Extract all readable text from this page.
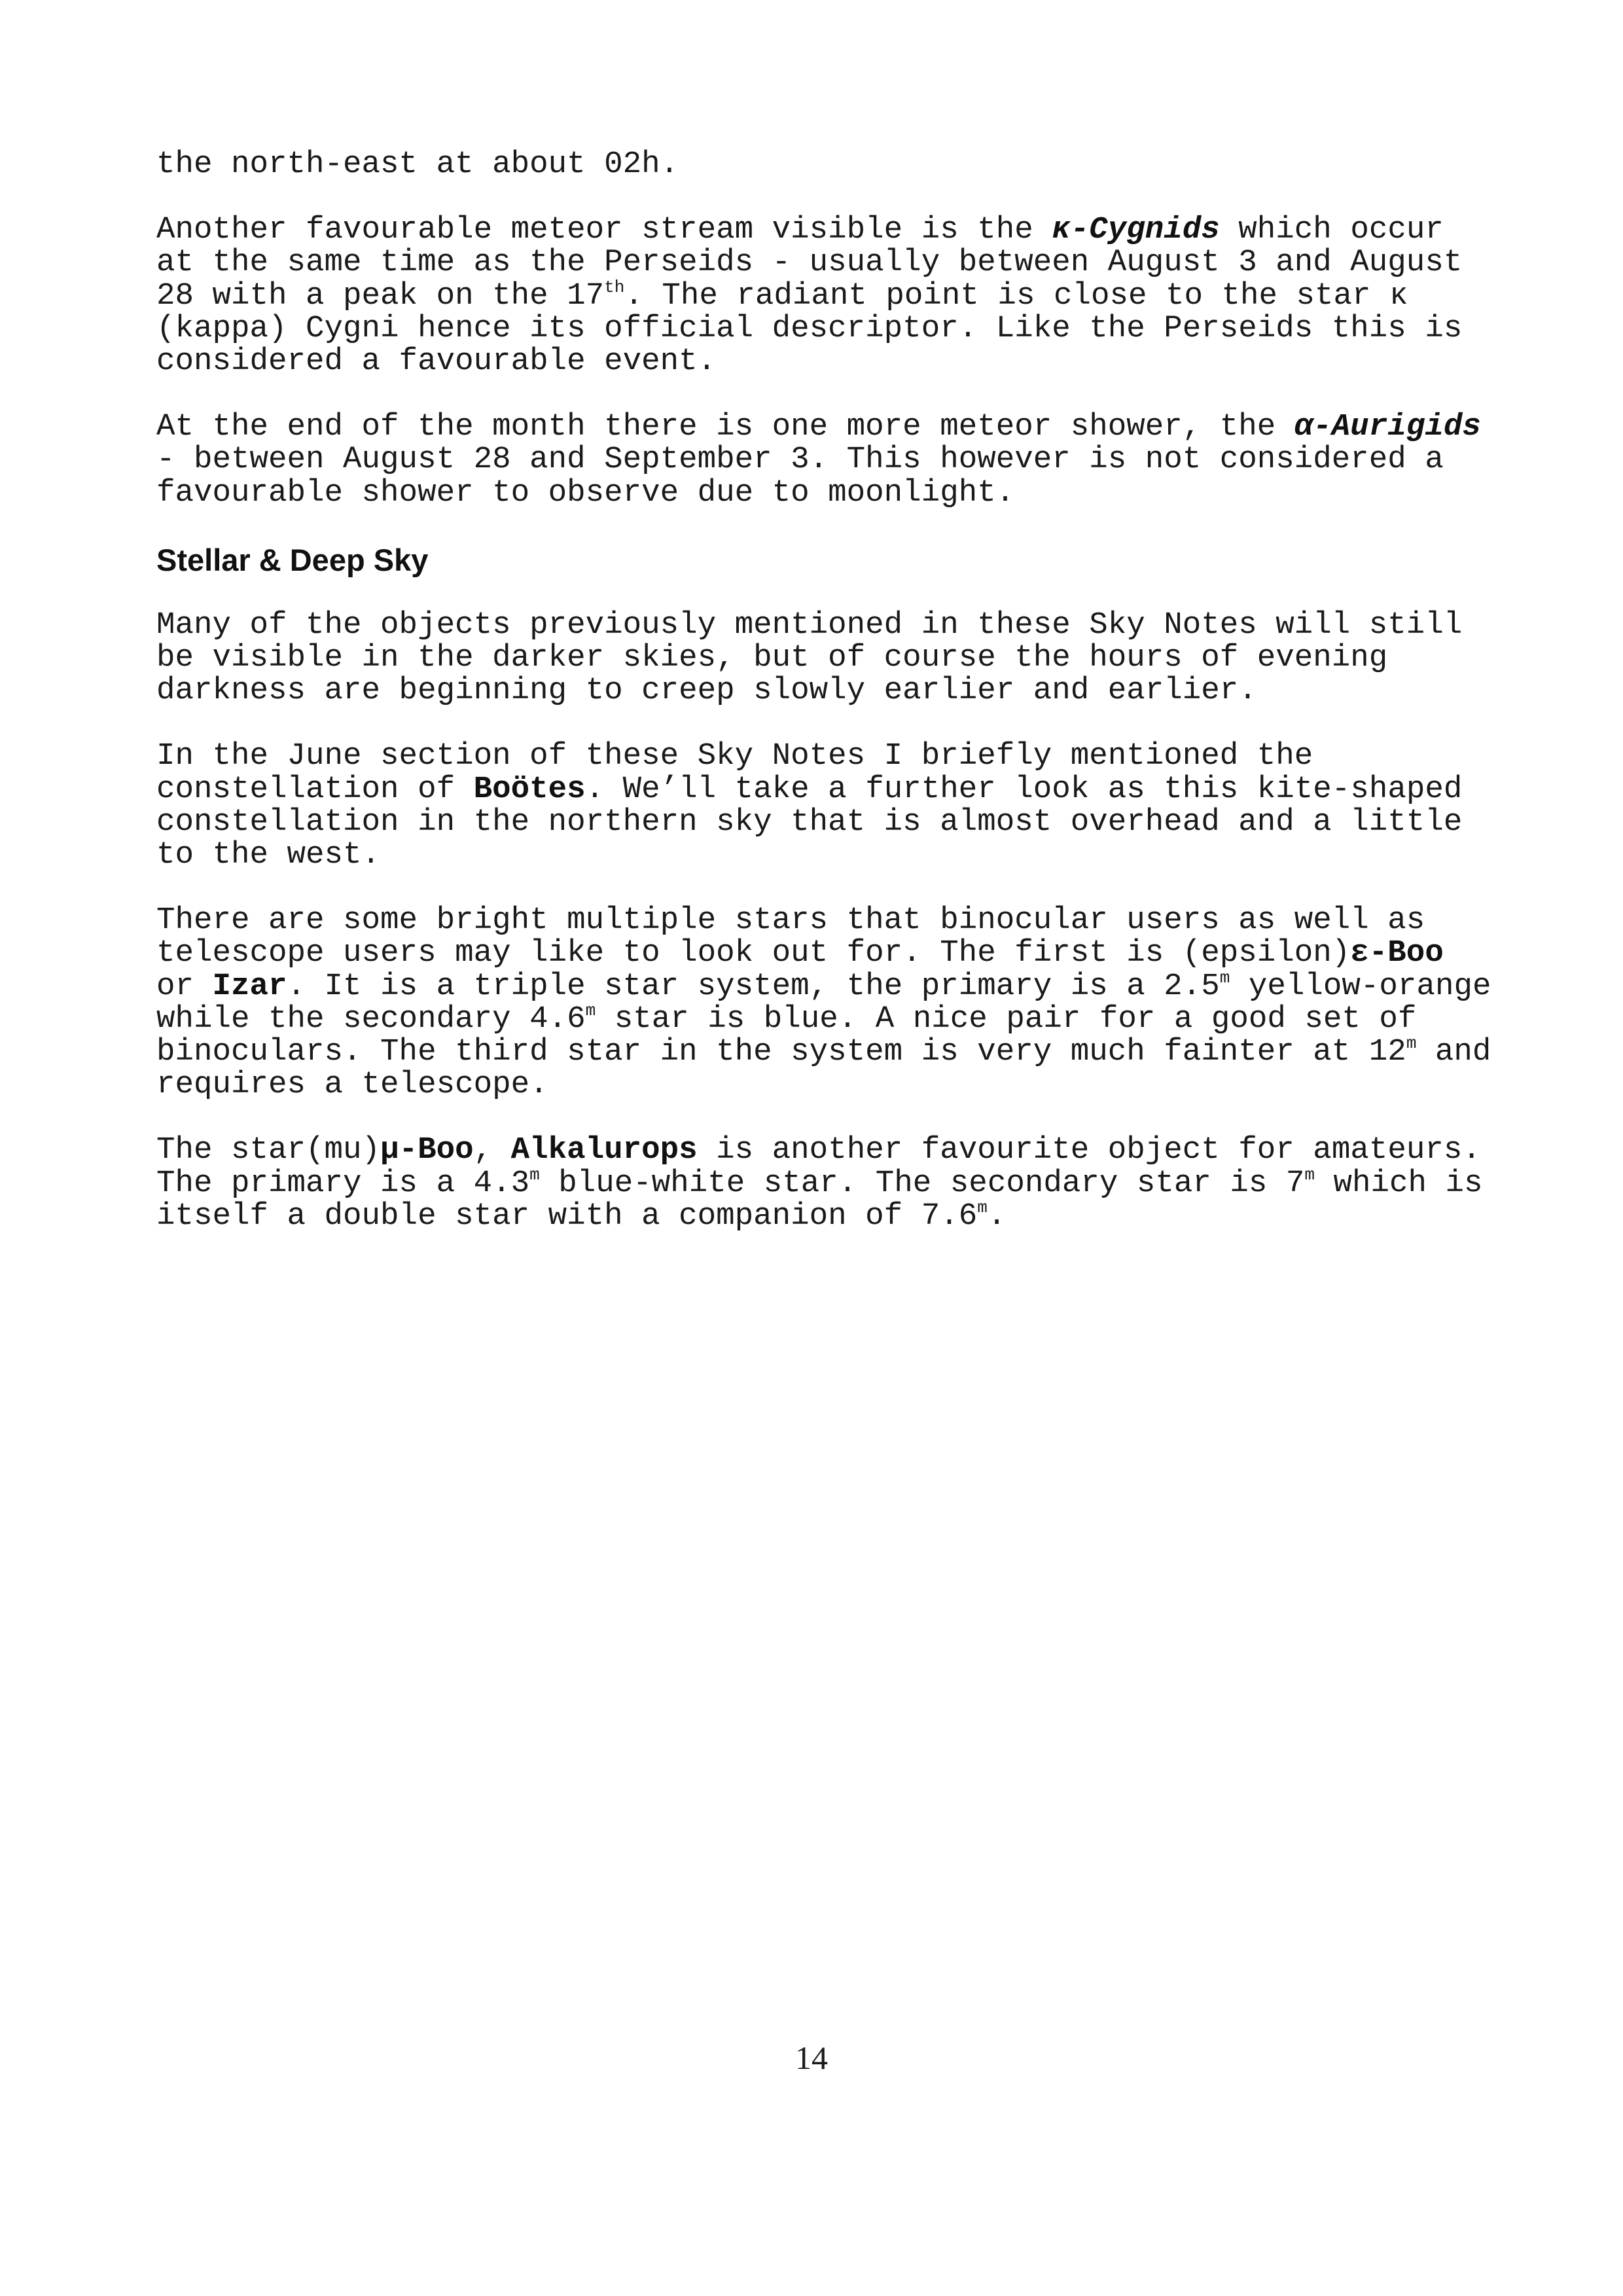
the north-east at about 02h.

Another favourable meteor stream visible is the κ-Cygnids which occur at the same time as the Perseids - usually between August 3 and August 28 with a peak on the 17th. The radiant point is close to the star κ (kappa) Cygni hence its official descriptor. Like the Perseids this is considered a favourable event.

At the end of the month there is one more meteor shower, the α-Aurigids - between August 28 and September 3. This however is not considered a favourable shower to observe due to moonlight.

Stellar & Deep Sky

Many of the objects previously mentioned in these Sky Notes will still be visible in the darker skies, but of course the hours of evening darkness are beginning to creep slowly earlier and earlier.

In the June section of these Sky Notes I briefly mentioned the constellation of Boötes. We’ll take a further look as this kite-shaped constellation in the northern sky that is almost overhead and a little to the west.

There are some bright multiple stars that binocular users as well as telescope users may like to look out for. The first is (epsilon)ε-Boo or Izar. It is a triple star system, the primary is a 2.5$^m$ yellow-orange while the secondary 4.6$^m$ star is blue. A nice pair for a good set of binoculars. The third star in the system is very much fainter at 12$^m$ and requires a telescope.

The star(mu)μ-Boo, Alkalurops is another favourite object for amateurs. The primary is a 4.3$^m$ blue-white star. The secondary star is 7$^m$ which is itself a double star with a companion of 7.6$^m$.

14
